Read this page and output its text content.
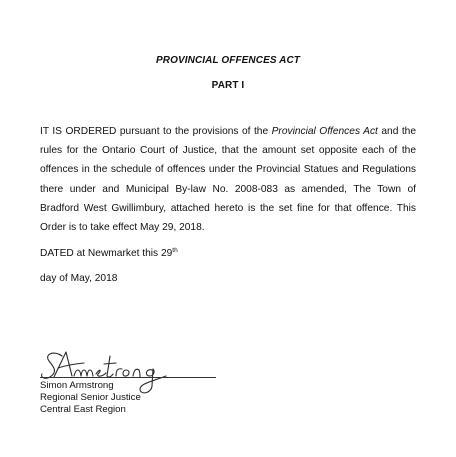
PROVINCIAL OFFENCES ACT
PART I

IT IS ORDERED pursuant to the provisions of the Provincial Offences Act and the rules for the Ontario Court of Justice, that the amount set opposite each of the offences in the schedule of offences under the Provincial Statues and Regulations there under and Municipal By-law No. 2008-083 as amended, The Town of Bradford West Gwillimbury, attached hereto is the set fine for that offence. This Order is to take effect May 29, 2018.

DATED at Newmarket this 29th

day of May, 2018

Simon Armstrong

Regional Senior Justice

Central East Region
